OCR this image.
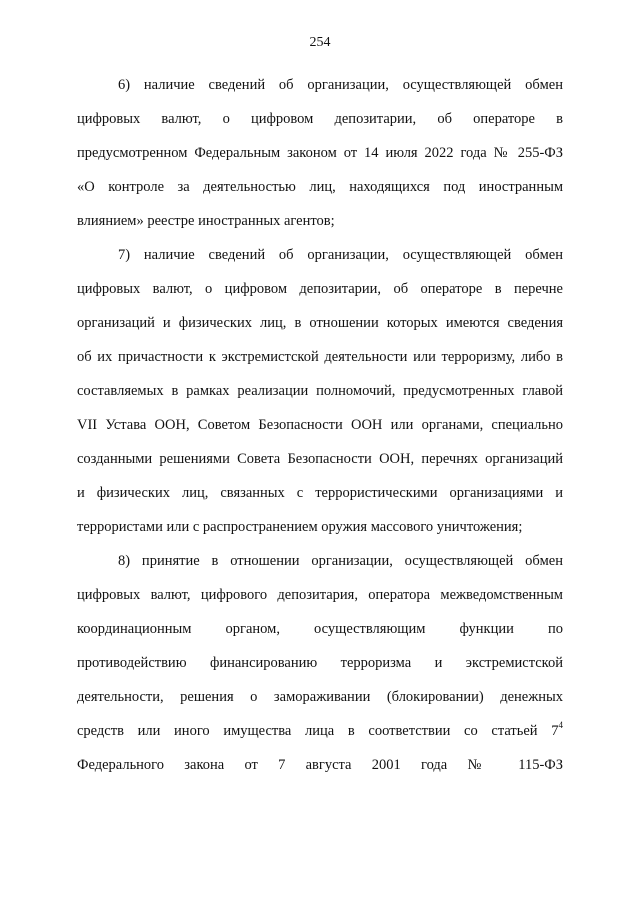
254
6) наличие сведений об организации, осуществляющей обмен
цифровых валют, о цифровом депозитарии, об операторе в
предусмотренном Федеральным законом от 14 июля 2022 года № 255-ФЗ
«О контроле за деятельностью лиц, находящихся под иностранным
влиянием» реестре иностранных агентов;
7) наличие сведений об организации, осуществляющей обмен
цифровых валют, о цифровом депозитарии, об операторе в перечне
организаций и физических лиц, в отношении которых имеются сведения
об их причастности к экстремистской деятельности или терроризму, либо в
составляемых в рамках реализации полномочий, предусмотренных главой
VII Устава ООН, Советом Безопасности ООН или органами, специально
созданными решениями Совета Безопасности ООН, перечнях организаций
и физических лиц, связанных с террористическими организациями и
террористами или с распространением оружия массового уничтожения;
8) принятие в отношении организации, осуществляющей обмен
цифровых валют, цифрового депозитария, оператора межведомственным
координационным органом, осуществляющим функции по
противодействию финансированию терроризма и экстремистской
деятельности, решения о замораживании (блокировании) денежных
средств или иного имущества лица в соответствии со статьей $7^4$
Федерального закона от 7 августа 2001 года № 115-ФЗ
